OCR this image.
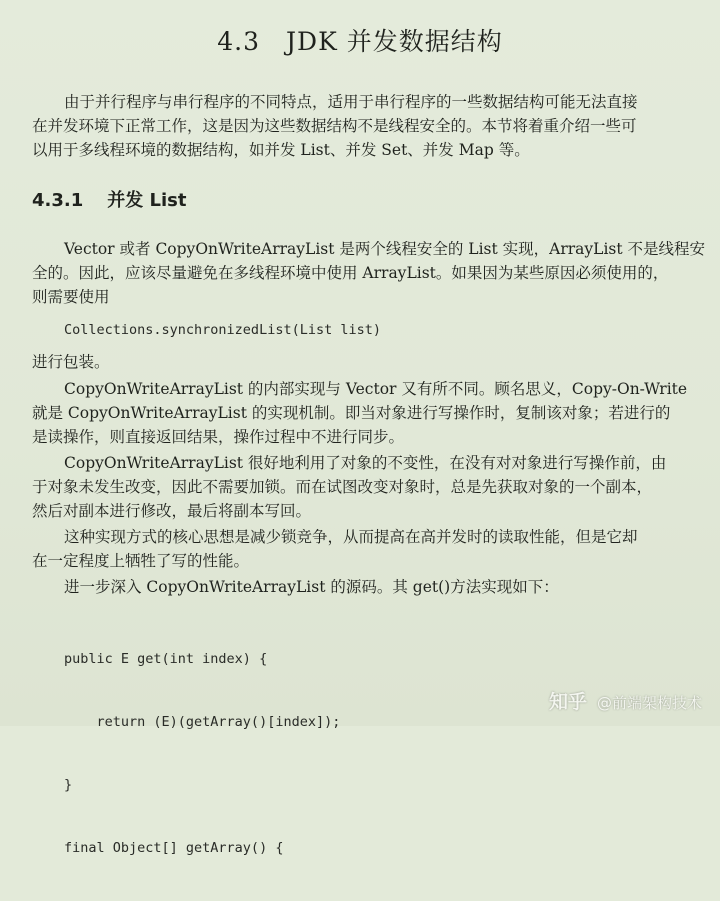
4.3 JDK 并发数据结构
由于并行程序与串行程序的不同特点，适用于串行程序的一些数据结构可能无法直接
在并发环境下正常工作，这是因为这些数据结构不是线程安全的。本节将着重介绍一些可
以用于多线程环境的数据结构，如并发 List、并发 Set、并发 Map 等。
4.3.1 并发 List
Vector 或者 CopyOnWriteArrayList 是两个线程安全的 List 实现，ArrayList 不是线程安
全的。因此，应该尽量避免在多线程环境中使用 ArrayList。如果因为某些原因必须使用的，
则需要使用
Collections.synchronizedList(List list)
进行包装。
CopyOnWriteArrayList 的内部实现与 Vector 又有所不同。顾名思义，Copy-On-Write
就是 CopyOnWriteArrayList 的实现机制。即当对象进行写操作时，复制该对象；若进行的
是读操作，则直接返回结果，操作过程中不进行同步。
CopyOnWriteArrayList 很好地利用了对象的不变性，在没有对对象进行写操作前，由
于对象未发生改变，因此不需要加锁。而在试图改变对象时，总是先获取对象的一个副本，
然后对副本进行修改，最后将副本写回。
这种实现方式的核心思想是减少锁竞争，从而提高在高并发时的读取性能，但是它却
在一定程度上牺牲了写的性能。
进一步深入 CopyOnWriteArrayList 的源码。其 get()方法实现如下：

public E get(int index) {

return (E)(getArray()[index]);

}

final Object[] getArray() {

知乎 @前端架构技术
